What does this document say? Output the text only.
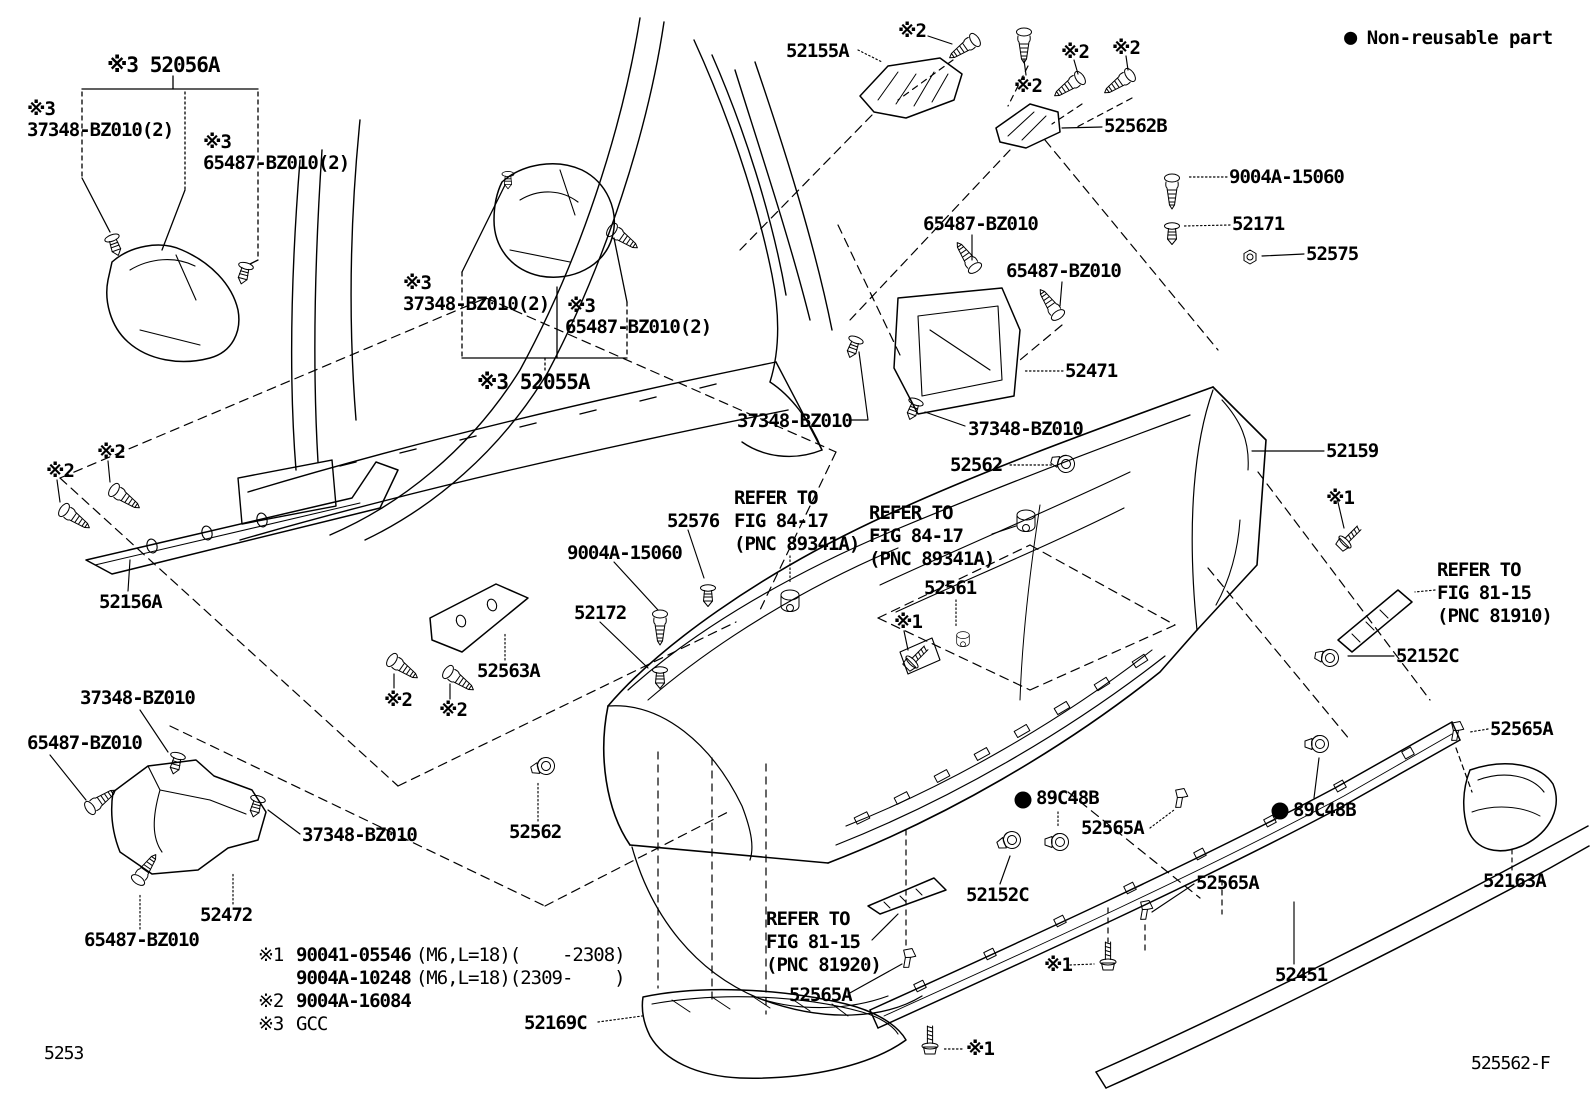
● Non-reusable part
※1 90041-05546 (M6,L=18)(    -2308)
9004A-10248 (M6,L=18)(2309-    )
※2 9004A-16084
※3 GCC
5253	525562-F
※3 52056A
※3
37348-BZ010(2)
※3
65487-BZ010(2)
52155A
※2
※2
※2 ※2
52562B
9004A-15060
52171
52575
※3
37348-BZ010(2) ※3
65487-BZ010(2)
※3 52055A
65487-BZ010
65487-BZ010
52471
37348-BZ010	37348-BZ010
52562
52159
※1
REFER TO
FIG 81-15
(PNC 81910)
52152C
52565A
52576
REFER TO
FIG 84-17
(PNC 89341A)
REFER TO
FIG 84-17
(PNC 89341A)
9004A-15060
52172
52561
※1
※2
※2
52156A
37348-BZ010
52563A
※2 ※2
65487-BZ010
37348-BZ010
52472
65487-BZ010
52562
REFER TO
FIG 81-15
(PNC 81920)
52152C
89C48B
52565A
89C48B
52565A
52565A
※1
※1
52163A
52451
52169C
